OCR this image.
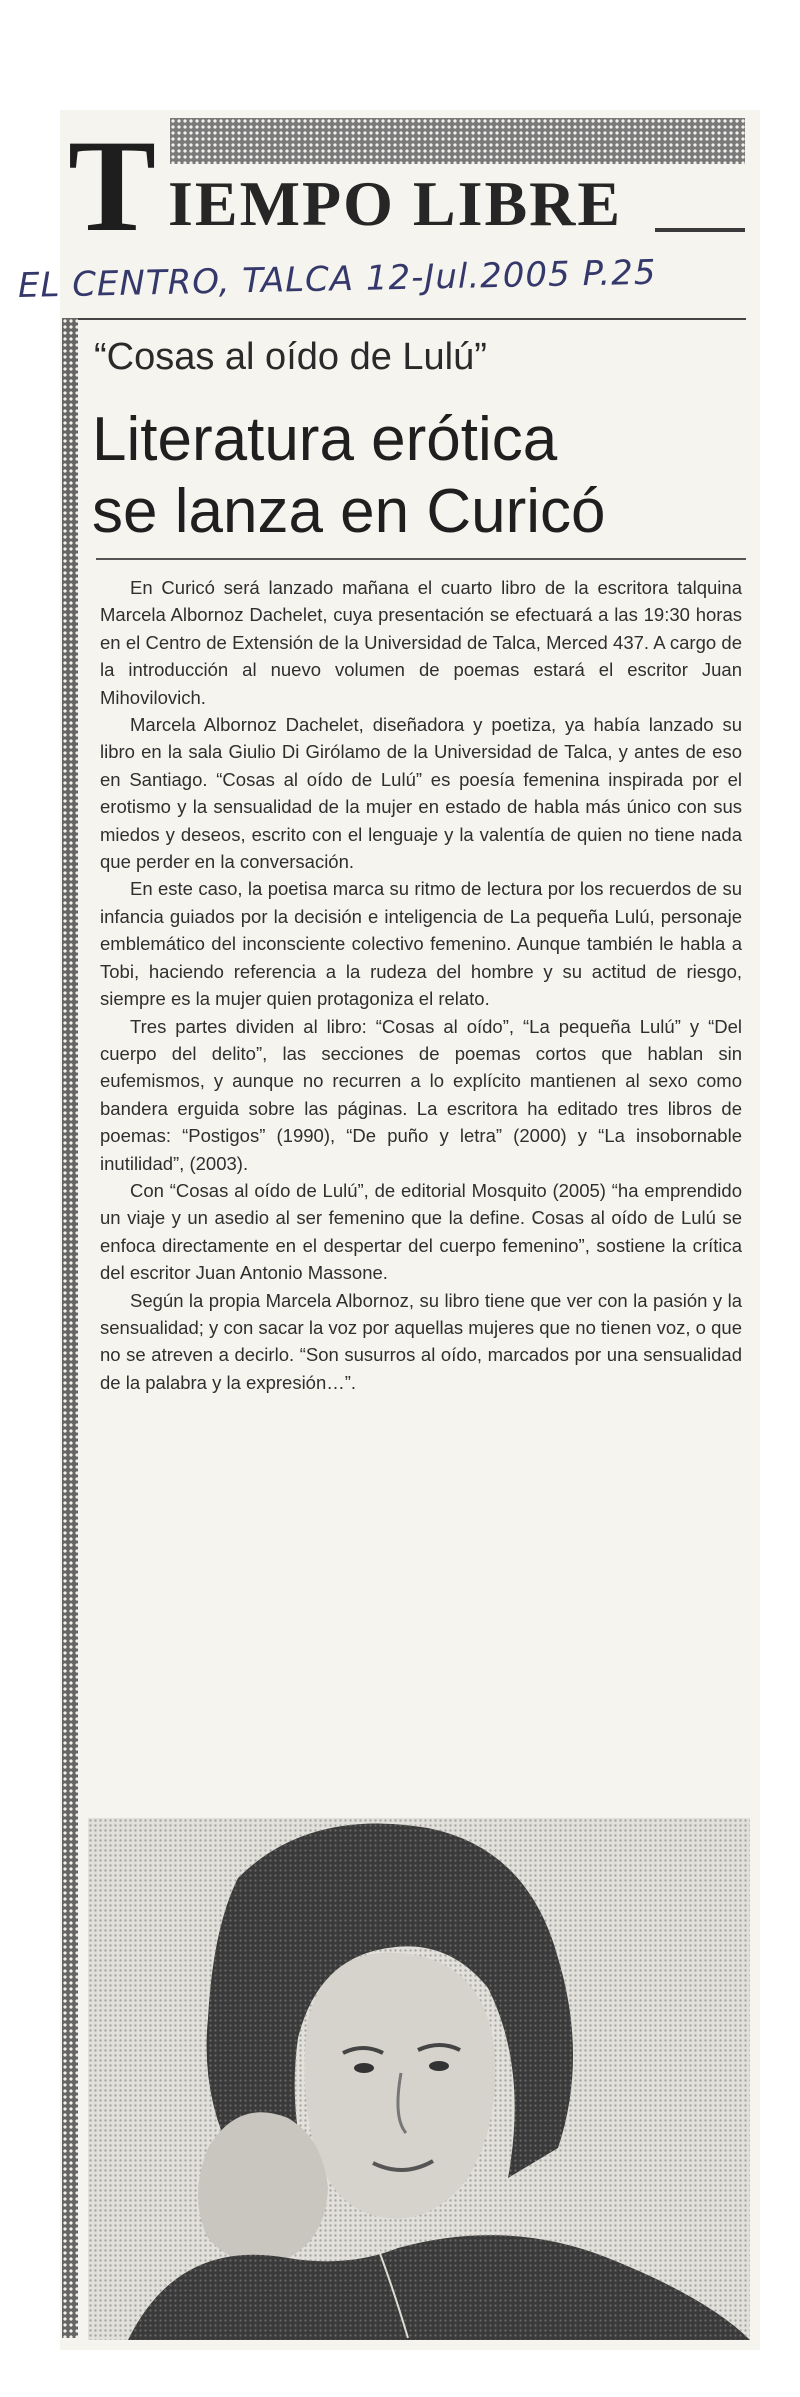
T IEMPO LIBRE
EL CENTRO, TALCA 12-Jul.2005 P.25
“Cosas al oído de Lulú”
Literatura erótica
se lanza en Curicó

En Curicó será lanzado mañana el cuarto libro de la escritora talquina Marcela Albornoz Dachelet, cuya presentación se efectuará a las 19:30 horas en el Centro de Extensión de la Universidad de Talca, Merced 437. A cargo de la introducción al nuevo volumen de poemas estará el escritor Juan Mihovilovich.

Marcela Albornoz Dachelet, diseñadora y poetiza, ya había lanzado su libro en la sala Giulio Di Girólamo de la Universidad de Talca, y antes de eso en Santiago. “Cosas al oído de Lulú” es poesía femenina inspirada por el erotismo y la sensualidad de la mujer en estado de habla más único con sus miedos y deseos, escrito con el lenguaje y la valentía de quien no tiene nada que perder en la conversación.

En este caso, la poetisa marca su ritmo de lectura por los recuerdos de su infancia guiados por la decisión e inteligencia de La pequeña Lulú, personaje emblemático del inconsciente colectivo femenino. Aunque también le habla a Tobi, haciendo referencia a la rudeza del hombre y su actitud de riesgo, siempre es la mujer quien protagoniza el relato.

Tres partes dividen al libro: “Cosas al oído”, “La pequeña Lulú” y “Del cuerpo del delito”, las secciones de poemas cortos que hablan sin eufemismos, y aunque no recurren a lo explícito mantienen al sexo como bandera erguida sobre las páginas. La escritora ha editado tres libros de poemas: “Postigos” (1990), “De puño y letra” (2000) y “La insobornable inutilidad”, (2003).

Con “Cosas al oído de Lulú”, de editorial Mosquito (2005) “ha emprendido un viaje y un asedio al ser femenino que la define. Cosas al oído de Lulú se enfoca directamente en el despertar del cuerpo femenino”, sostiene la crítica del escritor Juan Antonio Massone.

Según la propia Marcela Albornoz, su libro tiene que ver con la pasión y la sensualidad; y con sacar la voz por aquellas mujeres que no tienen voz, o que no se atreven a decirlo. “Son susurros al oído, marcados por una sensualidad de la palabra y la expresión…”.
